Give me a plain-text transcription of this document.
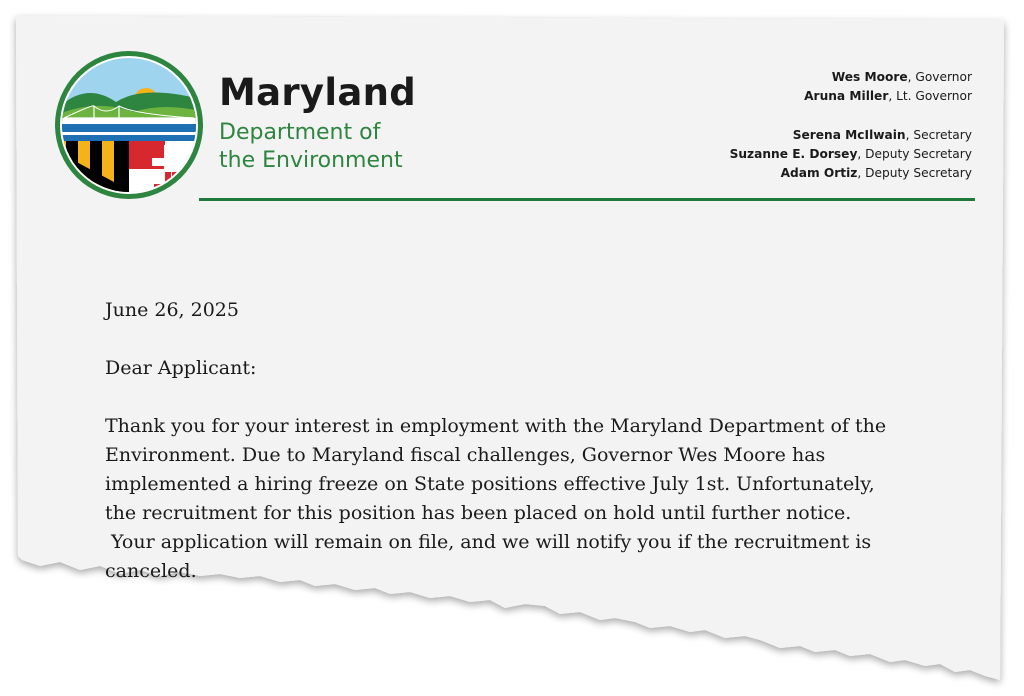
Maryland
Department of
the Environment
Wes Moore, Governor
Aruna Miller, Lt. Governor
Serena McIlwain, Secretary
Suzanne E. Dorsey, Deputy Secretary
Adam Ortiz, Deputy Secretary
June 26, 2025
Dear Applicant:
Thank you for your interest in employment with the Maryland Department of the
Environment. Due to Maryland fiscal challenges, Governor Wes Moore has
implemented a hiring freeze on State positions effective July 1st. Unfortunately,
the recruitment for this position has been placed on hold until further notice.
Your application will remain on file, and we will notify you if the recruitment is
canceled.
